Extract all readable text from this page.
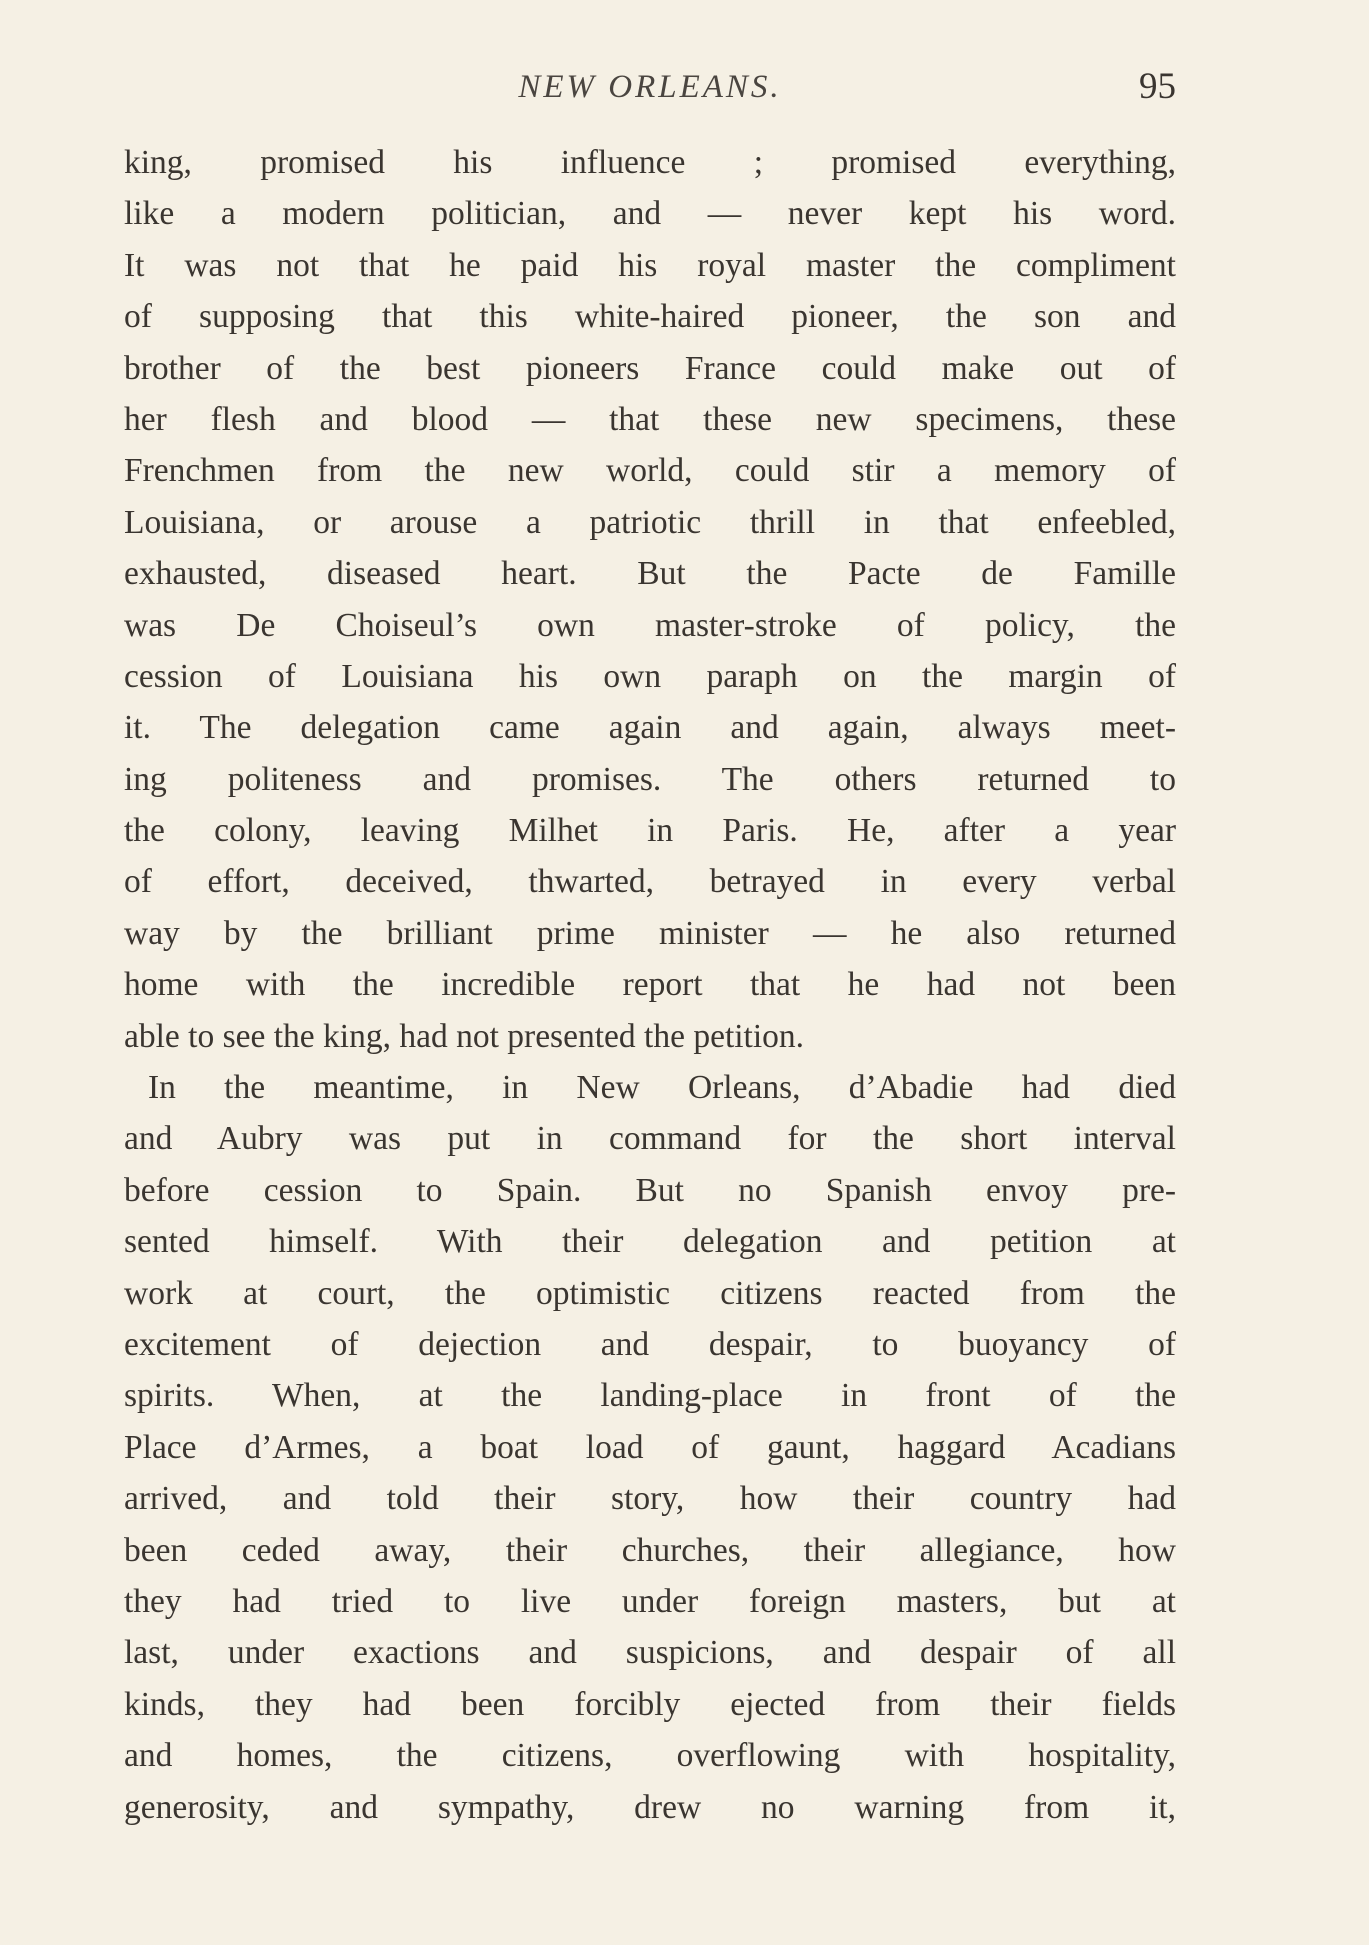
NEW ORLEANS.	95
king, promised his influence ; promised everything,
like a modern politician, and — never kept his word.
It was not that he paid his royal master the compliment
of supposing that this white-haired pioneer, the son and
brother of the best pioneers France could make out of
her flesh and blood — that these new specimens, these
Frenchmen from the new world, could stir a memory of
Louisiana, or arouse a patriotic thrill in that enfeebled,
exhausted, diseased heart. But the Pacte de Famille
was De Choiseul’s own master-stroke of policy, the
cession of Louisiana his own paraph on the margin of
it. The delegation came again and again, always meet-
ing politeness and promises. The others returned to
the colony, leaving Milhet in Paris. He, after a year
of effort, deceived, thwarted, betrayed in every verbal
way by the brilliant prime minister — he also returned
home with the incredible report that he had not been
able to see the king, had not presented the petition.
In the meantime, in New Orleans, d’Abadie had died
and Aubry was put in command for the short interval
before cession to Spain. But no Spanish envoy pre-
sented himself. With their delegation and petition at
work at court, the optimistic citizens reacted from the
excitement of dejection and despair, to buoyancy of
spirits. When, at the landing-place in front of the
Place d’Armes, a boat load of gaunt, haggard Acadians
arrived, and told their story, how their country had
been ceded away, their churches, their allegiance, how
they had tried to live under foreign masters, but at
last, under exactions and suspicions, and despair of all
kinds, they had been forcibly ejected from their fields
and homes, the citizens, overflowing with hospitality,
generosity, and sympathy, drew no warning from it,
